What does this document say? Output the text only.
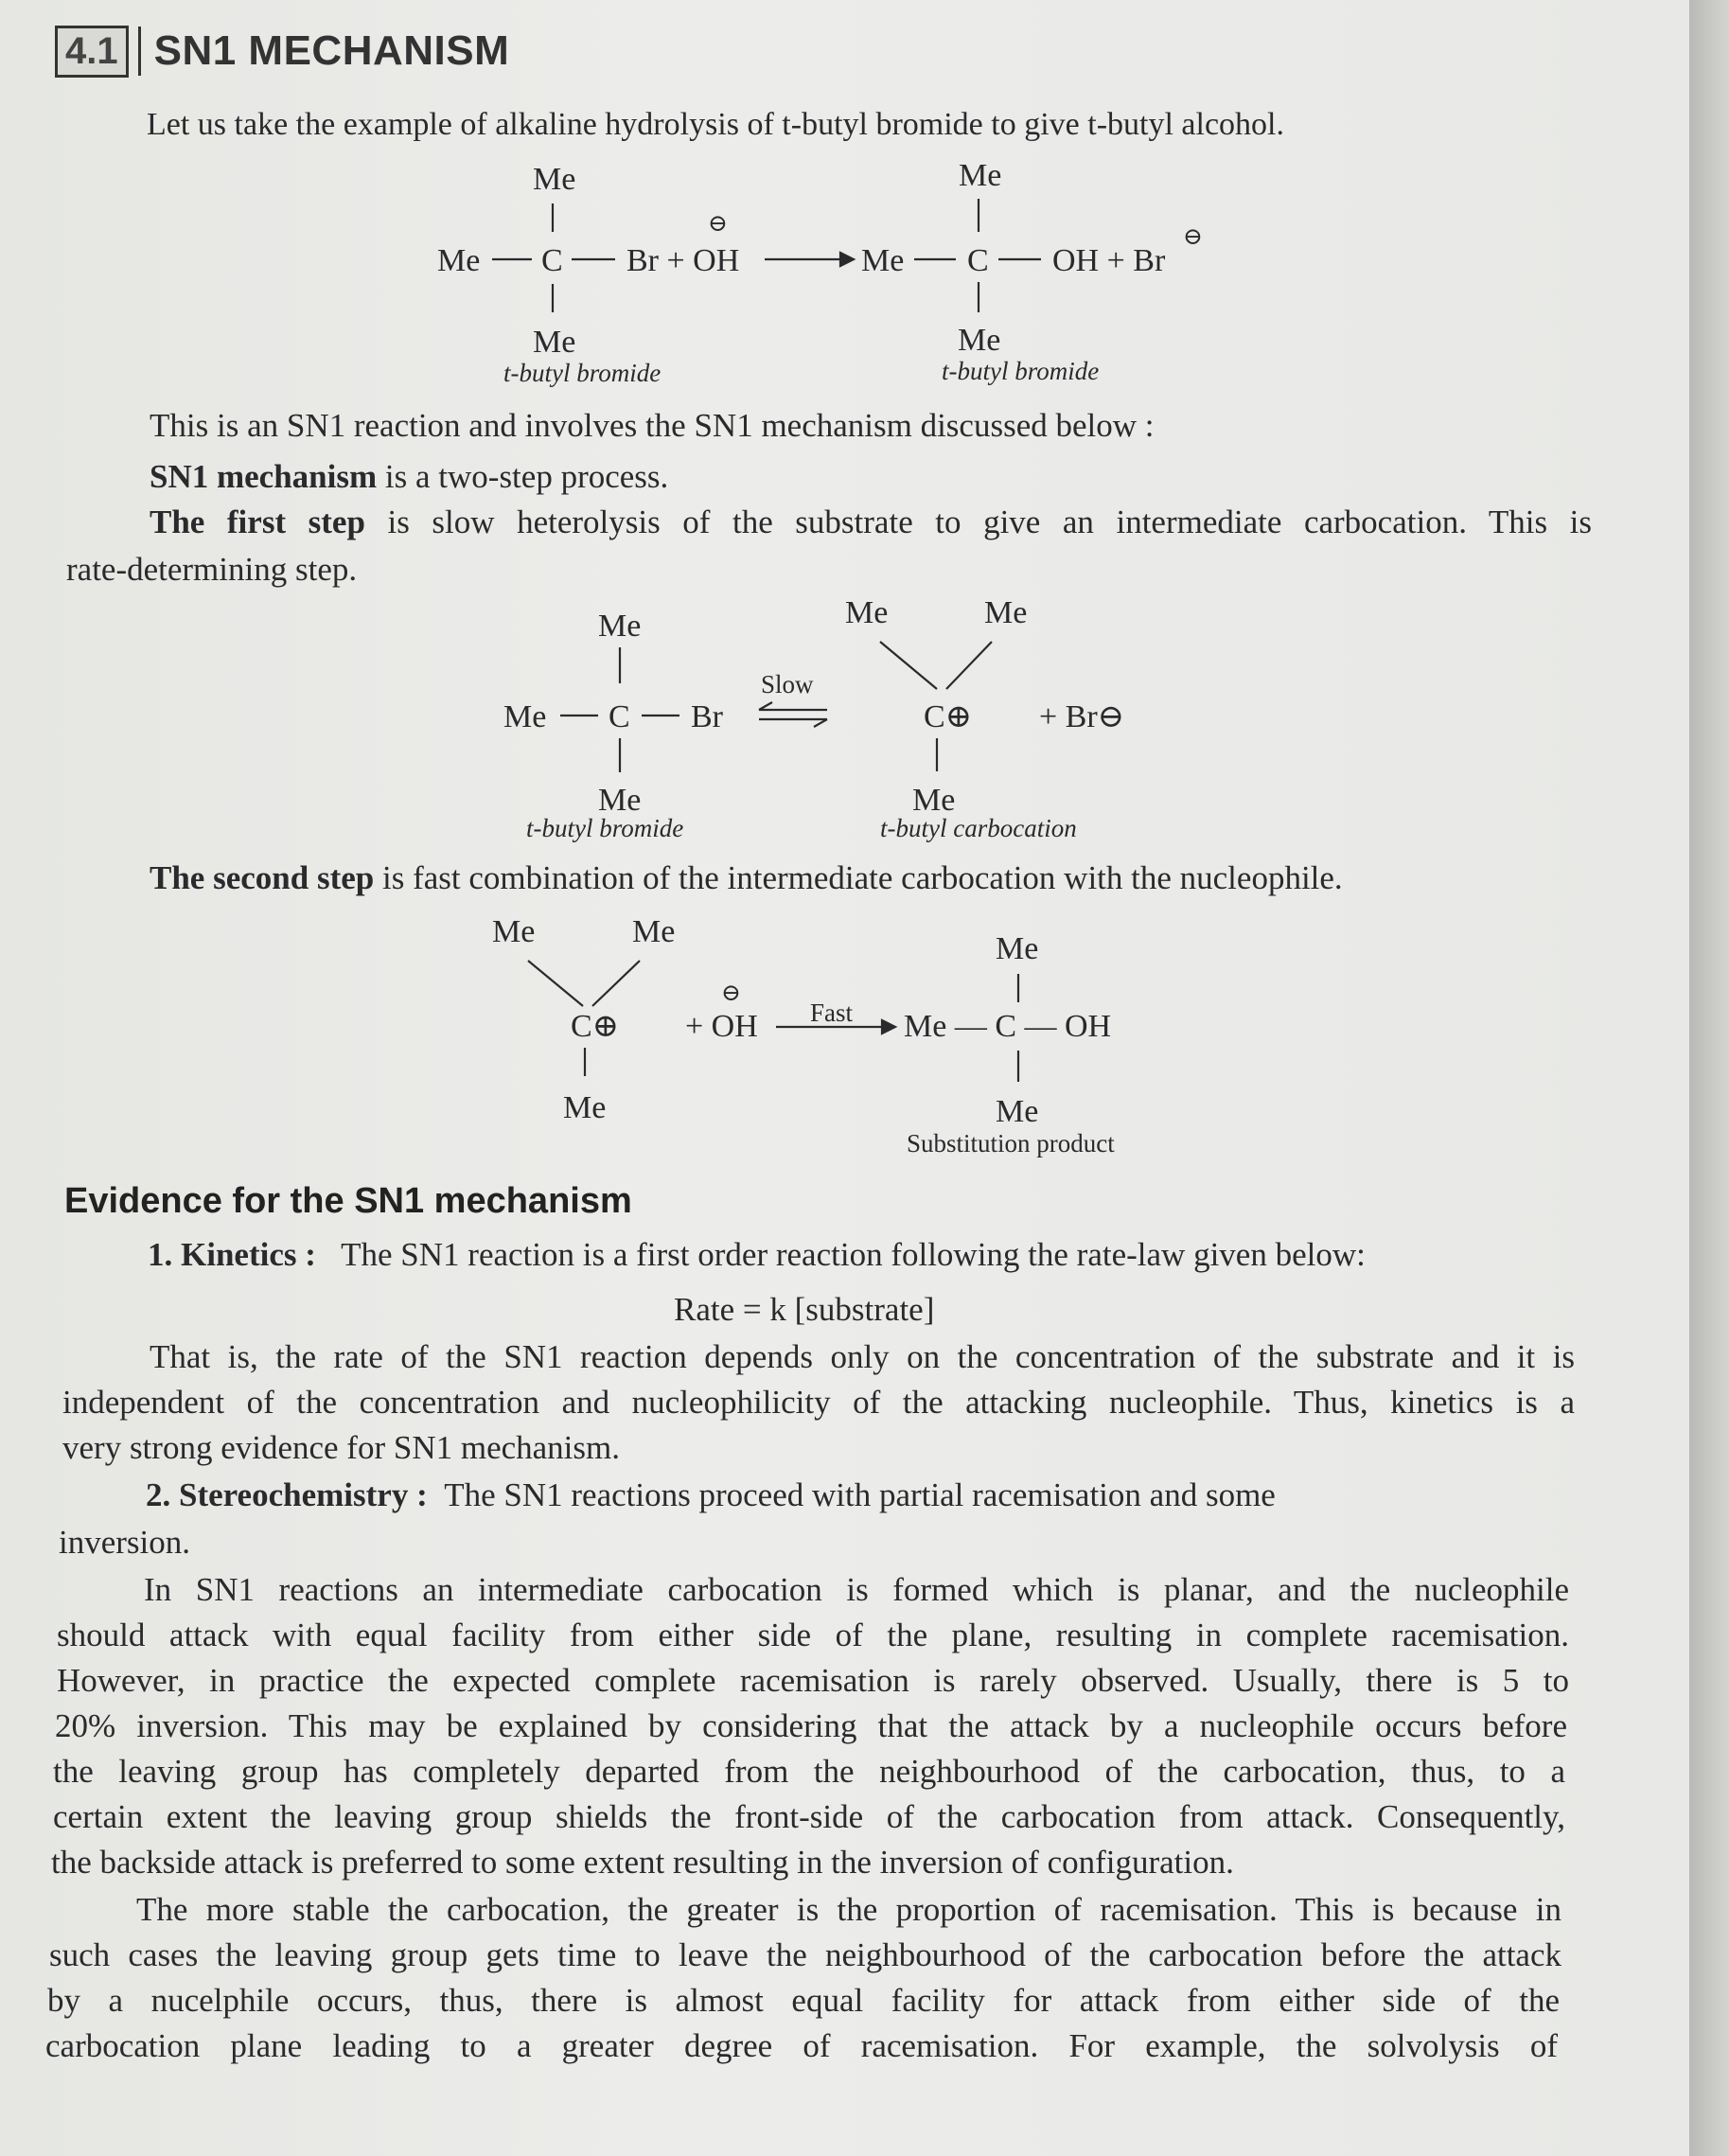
4.1 SN1 MECHANISM

Let us take the example of alkaline hydrolysis of t-butyl bromide to give t-butyl alcohol.

Me
Me C Br + OH
⊖
Me
t-butyl bromide
Me
Me C OH + Br
⊖
Me
t-butyl bromide

This is an SN1 reaction and involves the SN1 mechanism discussed below :

SN1 mechanism is a two-step process.

The first step is slow heterolysis of the substrate to give an intermediate carbocation. This is

rate-determining step.

Me
Me C Br
Me
t-butyl bromide
Slow
Me	Me
C⊕
Me
+ Br⊖
t-butyl carbocation

The second step is fast combination of the intermediate carbocation with the nucleophile.

Me	Me
C⊕
Me
⊖
+ OH Fast
Me
Me — C — OH
Me
Substitution product
Evidence for the SN1 mechanism

1. Kinetics : The SN1 reaction is a first order reaction following the rate-law given below:

Rate = k [substrate]

That is, the rate of the SN1 reaction depends only on the concentration of the substrate and it is

independent of the concentration and nucleophilicity of the attacking nucleophile. Thus, kinetics is a

very strong evidence for SN1 mechanism.

2. Stereochemistry : The SN1 reactions proceed with partial racemisation and some

inversion.

In SN1 reactions an intermediate carbocation is formed which is planar, and the nucleophile

should attack with equal facility from either side of the plane, resulting in complete racemisation.

However, in practice the expected complete racemisation is rarely observed. Usually, there is 5 to

20% inversion. This may be explained by considering that the attack by a nucleophile occurs before

the leaving group has completely departed from the neighbourhood of the carbocation, thus, to a

certain extent the leaving group shields the front-side of the carbocation from attack. Consequently,

the backside attack is preferred to some extent resulting in the inversion of configuration.

The more stable the carbocation, the greater is the proportion of racemisation. This is because in

such cases the leaving group gets time to leave the neighbourhood of the carbocation before the attack

by a nucelphile occurs, thus, there is almost equal facility for attack from either side of the

carbocation plane leading to a greater degree of racemisation. For example, the solvolysis of
